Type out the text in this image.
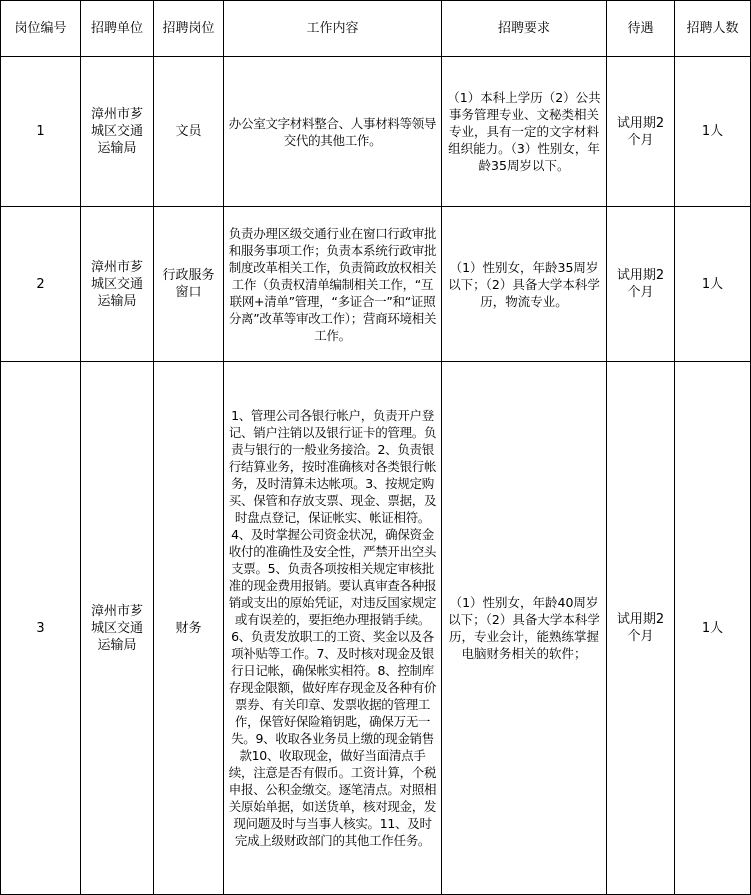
岗位编号	招聘单位	招聘岗位	工作内容	招聘要求	待遇	招聘人数
1	漳州市芗城区交通运输局	文员	办公室文字材料整合、人事材料等领导交代的其他工作。	（1）本科上学历（2）公共事务管理专业、文秘类相关专业，具有一定的文字材料组织能力。（3）性别女，年龄35周岁以下。	试用期2个月	1人
2	漳州市芗城区交通运输局	行政服务窗口	负责办理区级交通行业在窗口行政审批和服务事项工作；负责本系统行政审批制度改革相关工作，负责简政放权相关工作（负责权清单编制相关工作，“互联网+清单”管理，“多证合一”和“证照分离”改革等审改工作）；营商环境相关工作。	（1）性别女，年龄35周岁以下；（2）具备大学本科学历，物流专业。	试用期2个月	1人
3	漳州市芗城区交通运输局	财务	1、管理公司各银行帐户，负责开户登记、销户注销以及银行证卡的管理。负责与银行的一般业务接洽。2、负责银行结算业务，按时准确核对各类银行帐务，及时清算未达帐项。3、按规定购买、保管和存放支票、现金、票据，及时盘点登记，保证帐实、帐证相符。4、及时掌握公司资金状况，确保资金收付的准确性及安全性，严禁开出空头支票。5、负责各项按相关规定审核批准的现金费用报销。要认真审查各种报销或支出的原始凭证，对违反国家规定或有误差的，要拒绝办理报销手续。6、负责发放职工的工资、奖金以及各项补贴等工作。7、及时核对现金及银行日记帐，确保帐实相符。8、控制库存现金限额，做好库存现金及各种有价票券、有关印章、发票收据的管理工作，保管好保险箱钥匙，确保万无一失。9、收取各业务员上缴的现金销售款10、收取现金，做好当面清点手续，注意是否有假币。工资计算，个税申报、公积金缴交。逐笔清点。对照相关原始单据，如送货单，核对现金，发现问题及时与当事人核实。11、及时完成上级财政部门的其他工作任务。	（1）性别女，年龄40周岁以下；（2）具备大学本科学历，专业会计，能熟练掌握电脑财务相关的软件；	试用期2个月	1人
